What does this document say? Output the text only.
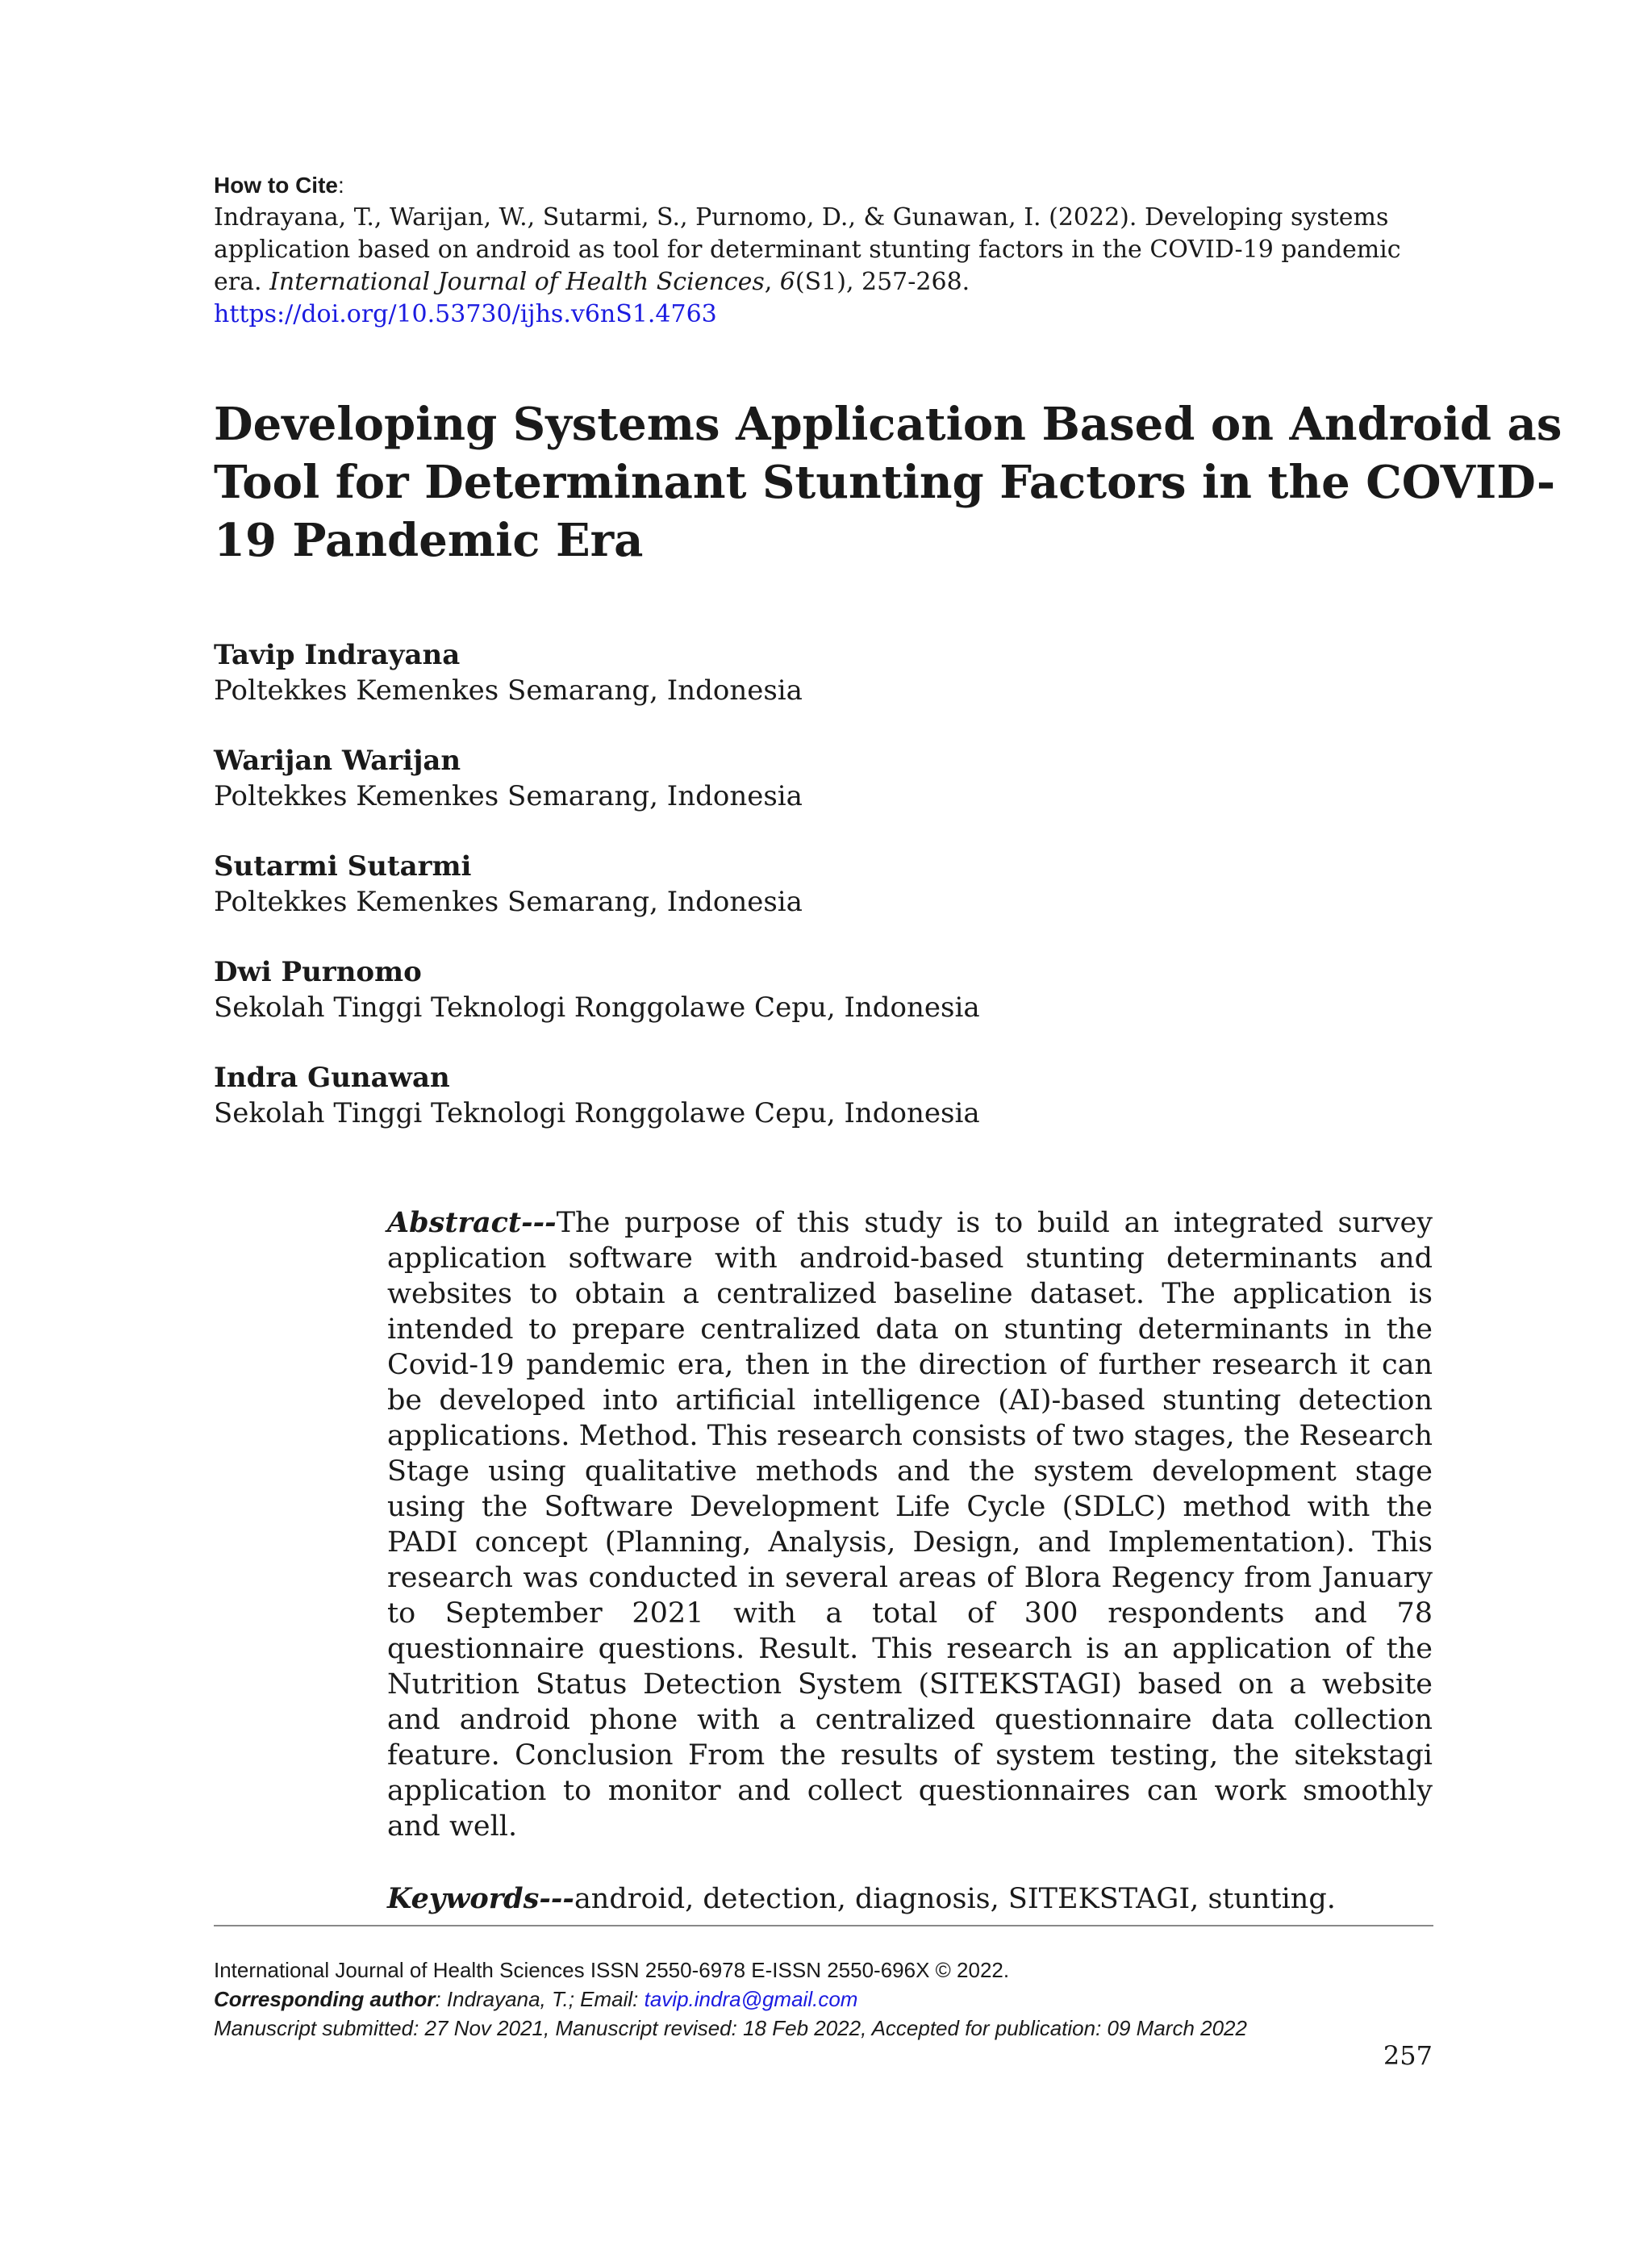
How to Cite:
Indrayana, T., Warijan, W., Sutarmi, S., Purnomo, D., & Gunawan, I. (2022). Developing systems application based on android as tool for determinant stunting factors in the COVID-19 pandemic era. International Journal of Health Sciences, 6(S1), 257-268.
https://doi.org/10.53730/ijhs.v6nS1.4763
Developing Systems Application Based on Android as Tool for Determinant Stunting Factors in the COVID-19 Pandemic Era
Tavip Indrayana
Poltekkes Kemenkes Semarang, Indonesia
Warijan Warijan
Poltekkes Kemenkes Semarang, Indonesia
Sutarmi Sutarmi
Poltekkes Kemenkes Semarang, Indonesia
Dwi Purnomo
Sekolah Tinggi Teknologi Ronggolawe Cepu, Indonesia
Indra Gunawan
Sekolah Tinggi Teknologi Ronggolawe Cepu, Indonesia
Abstract---The purpose of this study is to build an integrated survey application software with android-based stunting determinants and websites to obtain a centralized baseline dataset. The application is intended to prepare centralized data on stunting determinants in the Covid-19 pandemic era, then in the direction of further research it can be developed into artificial intelligence (AI)-based stunting detection applications. Method. This research consists of two stages, the Research Stage using qualitative methods and the system development stage using the Software Development Life Cycle (SDLC) method with the PADI concept (Planning, Analysis, Design, and Implementation). This research was conducted in several areas of Blora Regency from January to September 2021 with a total of 300 respondents and 78 questionnaire questions. Result. This research is an application of the Nutrition Status Detection System (SITEKSTAGI) based on a website and android phone with a centralized questionnaire data collection feature. Conclusion From the results of system testing, the sitekstagi application to monitor and collect questionnaires can work smoothly and well.
Keywords---android, detection, diagnosis, SITEKSTAGI, stunting.
International Journal of Health Sciences ISSN 2550-6978 E-ISSN 2550-696X © 2022.
Corresponding author: Indrayana, T.; Email: tavip.indra@gmail.com
Manuscript submitted: 27 Nov 2021, Manuscript revised: 18 Feb 2022, Accepted for publication: 09 March 2022
257
